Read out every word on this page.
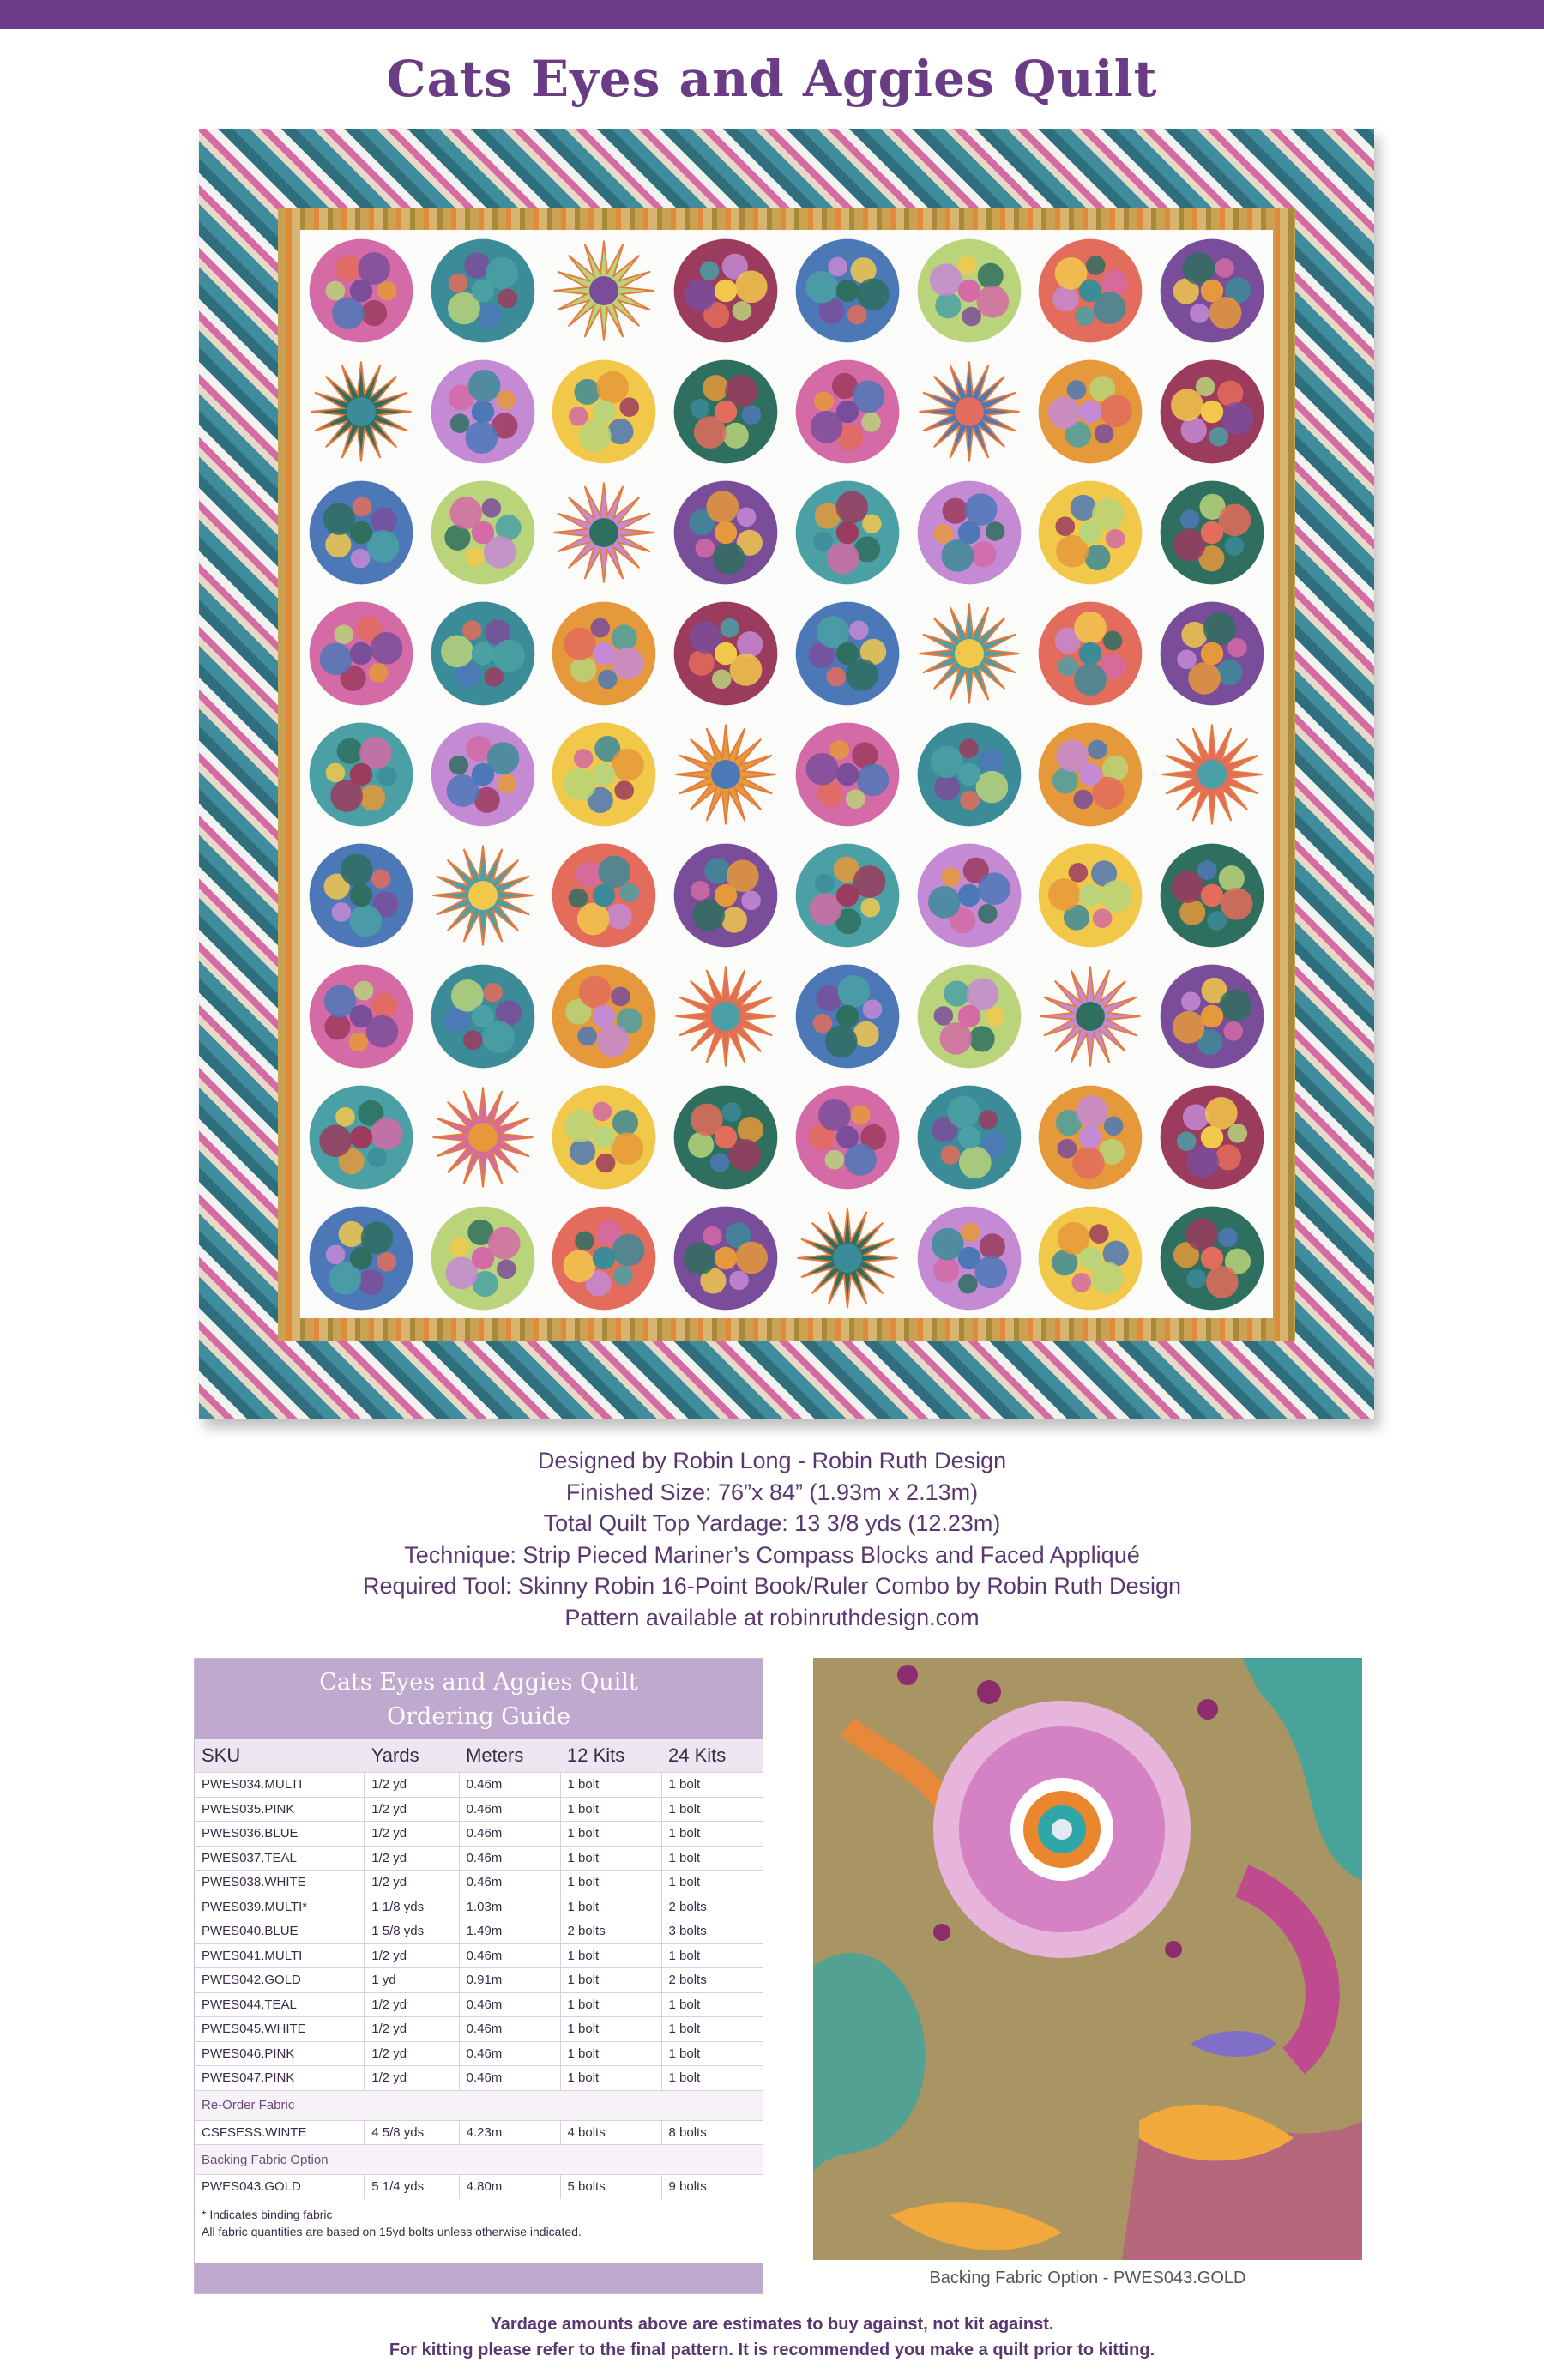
Cats Eyes and Aggies Quilt
Designed by Robin Long - Robin Ruth Design
Finished Size: 76”x 84” (1.93m x 2.13m)
Total Quilt Top Yardage: 13 3/8 yds (12.23m)
Technique: Strip Pieced Mariner’s Compass Blocks and Faced Appliqué
Required Tool: Skinny Robin 16-Point Book/Ruler Combo by Robin Ruth Design
Pattern available at robinruthdesign.com
Cats Eyes and Aggies Quilt
Ordering Guide
SKU	Yards	Meters	12 Kits	24 Kits
PWES034.MULTI	1/2 yd	0.46m	1 bolt	1 bolt
PWES035.PINK	1/2 yd	0.46m	1 bolt	1 bolt
PWES036.BLUE	1/2 yd	0.46m	1 bolt	1 bolt
PWES037.TEAL	1/2 yd	0.46m	1 bolt	1 bolt
PWES038.WHITE	1/2 yd	0.46m	1 bolt	1 bolt
PWES039.MULTI*	1 1/8 yds	1.03m	1 bolt	2 bolts
PWES040.BLUE	1 5/8 yds	1.49m	2 bolts	3 bolts
PWES041.MULTI	1/2 yd	0.46m	1 bolt	1 bolt
PWES042.GOLD	1 yd	0.91m	1 bolt	2 bolts
PWES044.TEAL	1/2 yd	0.46m	1 bolt	1 bolt
PWES045.WHITE	1/2 yd	0.46m	1 bolt	1 bolt
PWES046.PINK	1/2 yd	0.46m	1 bolt	1 bolt
PWES047.PINK	1/2 yd	0.46m	1 bolt	1 bolt
Re-Order Fabric				
CSFSESS.WINTE	4 5/8 yds	4.23m	4 bolts	8 bolts
Backing Fabric Option				
PWES043.GOLD	5 1/4 yds	4.80m	5 bolts	9 bolts
* Indicates binding fabric
All fabric quantities are based on 15yd bolts unless otherwise indicated.
Backing Fabric Option - PWES043.GOLD
Yardage amounts above are estimates to buy against, not kit against.
For kitting please refer to the final pattern. It is recommended you make a quilt prior to kitting.
